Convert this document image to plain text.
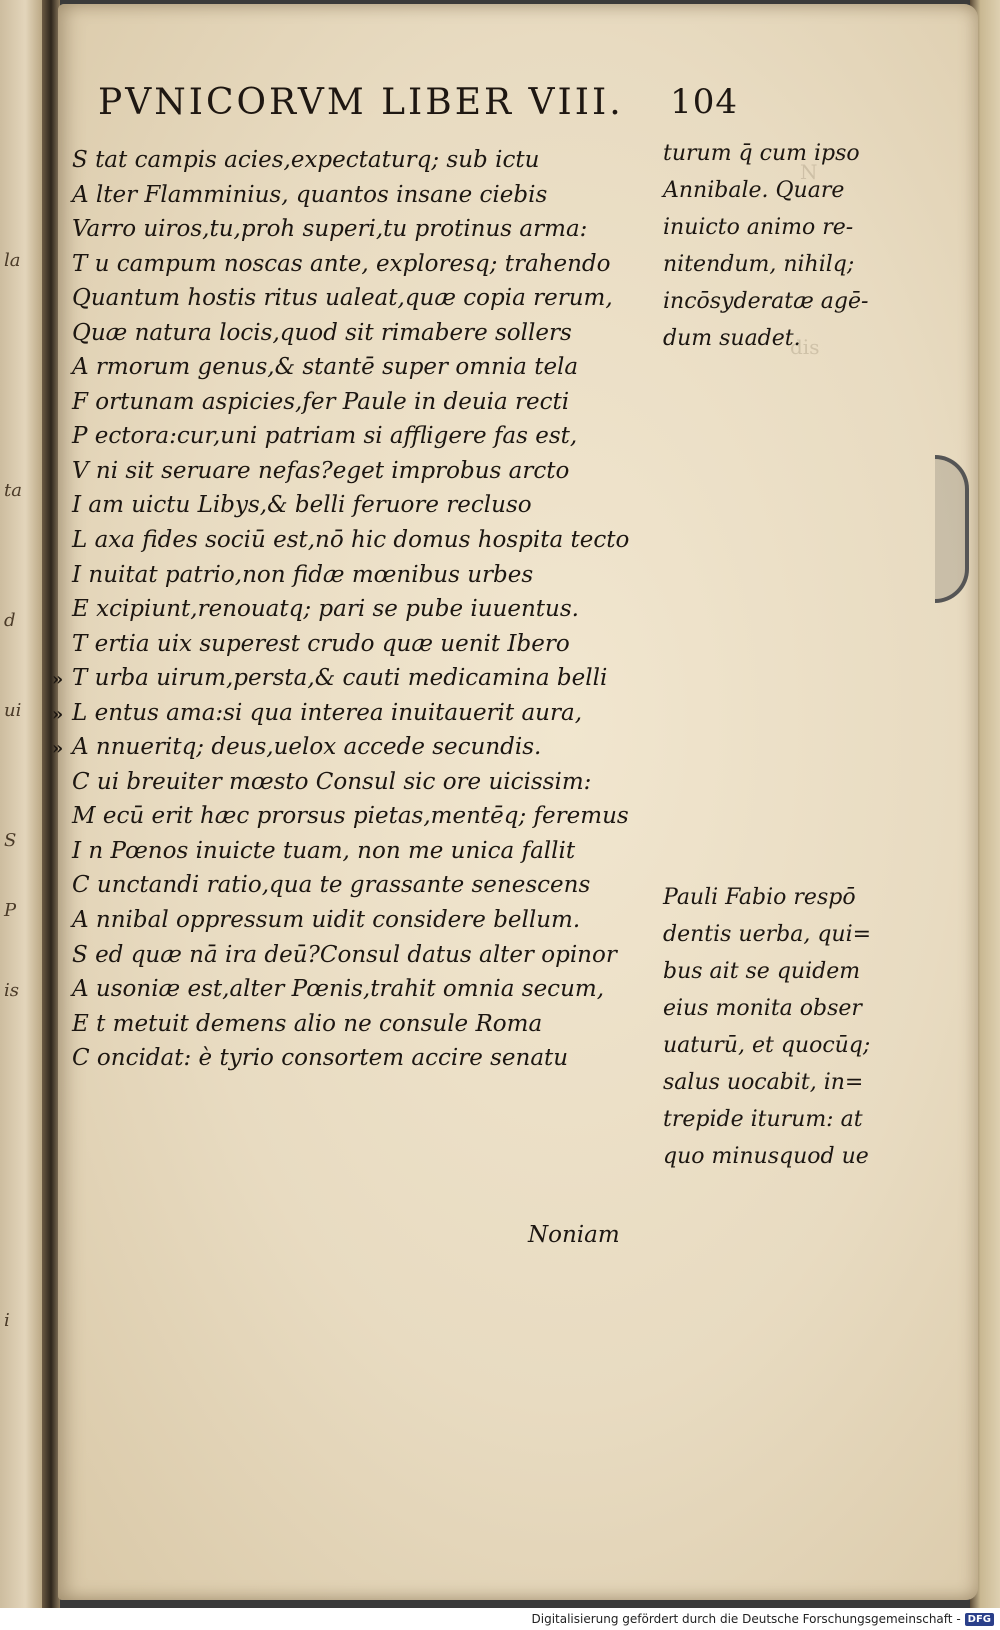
la
ta
d
ui
S
P
is
i
N
dis
PVNICORVM LIBER VIII. 104
S tat campis acies,expectaturq; sub ictu
A lter Flamminius, quantos insane ciebis
Varro uiros,tu,proh superi,tu protinus arma:
T u campum noscas ante, exploresq; trahendo
Quantum hostis ritus ualeat,quæ copia rerum,
Quæ natura locis,quod sit rimabere sollers
A rmorum genus,& stantē super omnia tela
F ortunam aspicies,fer Paule in deuia recti
P ectora:cur,uni patriam si affligere fas est,
V ni sit seruare nefas?eget improbus arcto
I am uictu Libys,& belli feruore recluso
L axa fides sociū est,nō hic domus hospita tecto
I nuitat patrio,non fidæ mœnibus urbes
E xcipiunt,renouatq; pari se pube iuuentus.
T ertia uix superest crudo quæ uenit Ibero
» T urba uirum,persta,& cauti medicamina belli
» L entus ama:si qua interea inuitauerit aura,
» A nnueritq; deus,uelox accede secundis.
C ui breuiter mœsto Consul sic ore uicissim:
M ecū erit hæc prorsus pietas,mentēq; feremus
I n Pœnos inuicte tuam, non me unica fallit
C unctandi ratio,qua te grassante senescens
A nnibal oppressum uidit considere bellum.
S ed quæ nā ira deū?Consul datus alter opinor
A usoniæ est,alter Pœnis,trahit omnia secum,
E t metuit demens alio ne consule Roma
C oncidat: è tyrio consortem accire senatu
Noniam
turum q̄ cum ipso
Annibale. Quare
inuicto animo re-
nitendum, nihilq;
incōsyderatæ agē-
dum suadet.
Pauli Fabio respō
dentis uerba, qui=
bus ait se quidem
eius monita obser
uaturū, et quocūq;
salus uocabit, in=
trepide iturum: at
quo minusquod ue
Digitalisierung gefördert durch die Deutsche Forschungsgemeinschaft - DFG
